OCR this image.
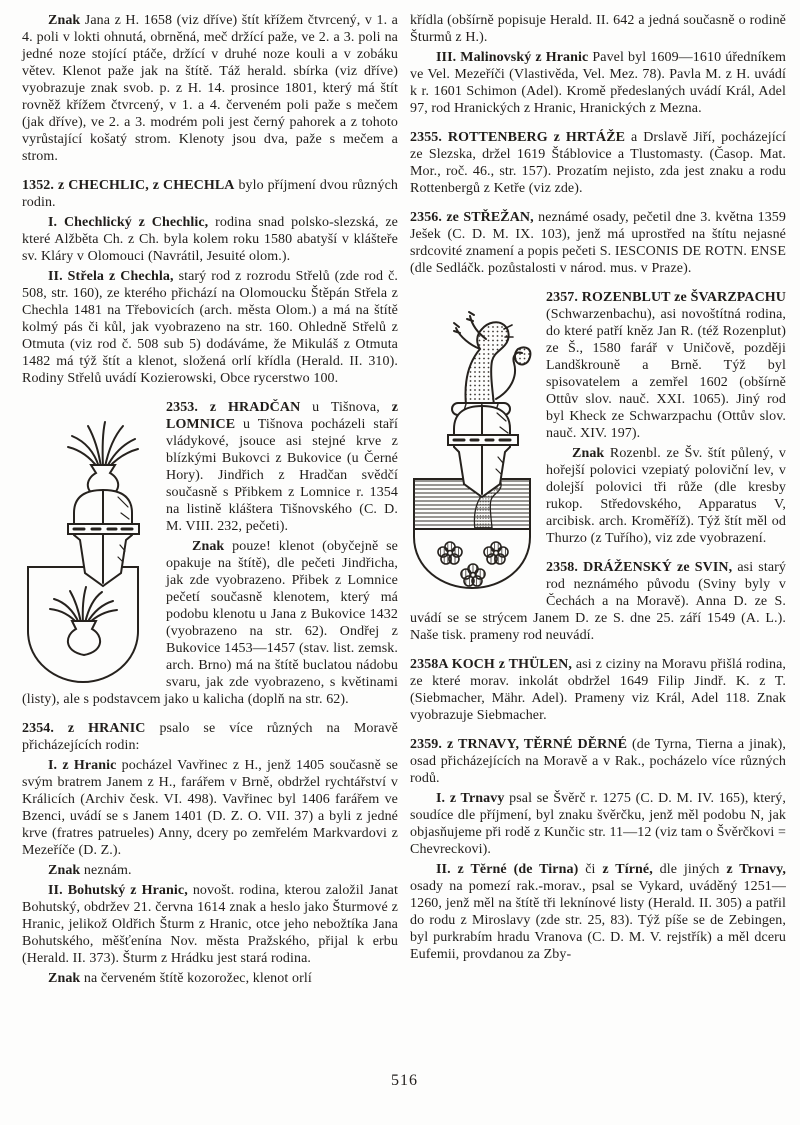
Znak Jana z H. 1658 (viz dříve) štít křížem čtvrcený, v 1. a 4. poli v lokti ohnutá, obrněná, meč držící paže, ve 2. a 3. poli na jedné noze stojící ptáče, držící v druhé noze kouli a v zobáku větev. Klenot paže jak na štítě. Táž herald. sbírka (viz dříve) vyobrazuje znak svob. p. z H. 14. prosince 1801, který má štít rovněž křížem čtvrcený, v 1. a 4. červeném poli paže s mečem (jak dříve), ve 2. a 3. modrém poli jest černý pahorek a z tohoto vyrůstající košatý strom. Klenoty jsou dva, paže s mečem a strom.

1352. z CHECHLIC, z CHECHLA bylo příjmení dvou různých rodin.

I. Chechlický z Chechlic, rodina snad polsko-slezská, ze které Alžběta Ch. z Ch. byla kolem roku 1580 abatyší v klášteře sv. Kláry v Olomouci (Navrátil, Jesuité olom.).

II. Střela z Chechla, starý rod z rozrodu Střelů (zde rod č. 508, str. 160), ze kterého přichází na Olomoucku Štěpán Střela z Chechla 1481 na Třebovicích (arch. města Olom.) a má na štítě kolmý pás či kůl, jak vyobrazeno na str. 160. Ohledně Střelů z Otmuta (viz rod č. 508 sub 5) dodáváme, že Mikuláš z Otmuta 1482 má týž štít a klenot, složená orlí křídla (Herald. II. 310). Rodiny Střelů uvádí Kozierowski, Obce rycerstwo 100.

2353. z HRADČAN u Tišnova, z LOMNICE u Tišnova pocházeli staří vládykové, jsouce asi stejné krve z blízkými Bukovci z Bukovice (u Černé Hory). Jindřich z Hradčan svědčí současně s Přibkem z Lomnice r. 1354 na listině kláštera Tišnovského (C. D. M. VIII. 232, pečeti).

Znak pouze! klenot (obyčejně se opakuje na štítě), dle pečeti Jindřicha, jak zde vyobrazeno. Přibek z Lomnice pečetí současně klenotem, který má podobu klenotu u Jana z Bukovice 1432 (vyobrazeno na str. 62). Ondřej z Bukovice 1453—1457 (stav. list. zemsk. arch. Brno) má na štítě buclatou nádobu svaru, jak zde vyobrazeno, s květinami (listy), ale s podstavcem jako u kalicha (doplň na str. 62).

2354. z HRANIC psalo se více různých na Moravě přicházejících rodin:

I. z Hranic pocházel Vavřinec z H., jenž 1405 současně se svým bratrem Janem z H., farářem v Brně, obdržel rychtářství v Králicích (Archiv česk. VI. 498). Vavřinec byl 1406 farářem ve Bzenci, uvádí se s Janem 1401 (D. Z. O. VII. 37) a byli z jedné krve (fratres patrueles) Anny, dcery po zemřelém Markvardovi z Mezeříče (D. Z.).

Znak neznám.

II. Bohutský z Hranic, novošt. rodina, kterou založil Janat Bohutský, obdržev 21. června 1614 znak a heslo jako Šturmové z Hranic, jelikož Oldřich Šturm z Hranic, otce jeho nebožtíka Jana Bohutského, měšťenína Nov. města Pražského, přijal k erbu (Herald. II. 373). Šturm z Hrádku jest stará rodina.

Znak na červeném štítě kozorožec, klenot orlí

křídla (obšírně popisuje Herald. II. 642 a jedná současně o rodině Šturmů z H.).

III. Malinovský z Hranic Pavel byl 1609—1610 úředníkem ve Vel. Mezeříči (Vlastivěda, Vel. Mez. 78). Pavla M. z H. uvádí k r. 1601 Schimon (Adel). Kromě předeslaných uvádí Král, Adel 97, rod Hranických z Hranic, Hranických z Mezna.

2355. ROTTENBERG z HRTÁŽE a Drslavě Jiří, pocházející ze Slezska, držel 1619 Štáblovice a Tlustomasty. (Časop. Mat. Mor., roč. 46., str. 157). Prozatím nejisto, zda jest znaku a rodu Rottenbergů z Ketře (viz zde).

2356. ze STŘEŽAN, neznámé osady, pečetil dne 3. května 1359 Ješek (C. D. M. IX. 103), jenž má uprostřed na štítu nejasné srdcovité znamení a popis pečeti S. IESCONIS DE ROTN. ENSE (dle Sedláčk. pozůstalosti v národ. mus. v Praze).

2357. ROZENBLUT ze ŠVARZPACHU (Schwarzenbachu), asi novoštítná rodina, do které patří kněz Jan R. (též Rozenplut) ze Š., 1580 farář v Uničově, později Landškrouně a Brně. Týž byl spisovatelem a zemřel 1602 (obšírně Ottův slov. nauč. XXI. 1065). Jiný rod byl Kheck ze Schwarzpachu (Ottův slov. nauč. XIV. 197).

Znak Rozenbl. ze Šv. štít půlený, v hořejší polovici vzepiatý poloviční lev, v dolejší polovici tři růže (dle kresby rukop. Středovského, Apparatus V, arcibisk. arch. Kroměříž). Týž štít měl od Thurzo (z Tuřího), viz zde vyobrazení.

2358. DRÁŽENSKÝ ze SVIN, asi starý rod neznámého původu (Sviny byly v Čechách a na Moravě). Anna D. ze S. uvádí se se strýcem Janem D. ze S. dne 25. září 1549 (A. L.). Naše tisk. prameny rod neuvádí.

2358A KOCH z THÜLEN, asi z ciziny na Moravu přišlá rodina, ze které morav. inkolát obdržel 1649 Filip Jindř. K. z T. (Siebmacher, Mähr. Adel). Prameny viz Král, Adel 118. Znak vyobrazuje Siebmacher.

2359. z TRNAVY, TĚRNÉ DĚRNÉ (de Tyrna, Tierna a jinak), osad přicházejících na Moravě a v Rak., pocházelo více různých rodů.

I. z Trnavy psal se Švěrč r. 1275 (C. D. M. IV. 165), který, soudíce dle příjmení, byl znaku švěrčku, jenž měl podobu N, jak objasňujeme při rodě z Kunčic str. 11—12 (viz tam o Švěrčkovi = Chevreckovi).

II. z Těrné (de Tirna) či z Tírné, dle jiných z Trnavy, osady na pomezí rak.-morav., psal se Vykard, uváděný 1251—1260, jenž měl na štítě tři leknínové listy (Herald. II. 305) a patřil do rodu z Miroslavy (zde str. 25, 83). Týž píše se de Zebingen, byl purkrabím hradu Vranova (C. D. M. V. rejstřík) a měl dceru Eufemii, provdanou za Zby-

516
